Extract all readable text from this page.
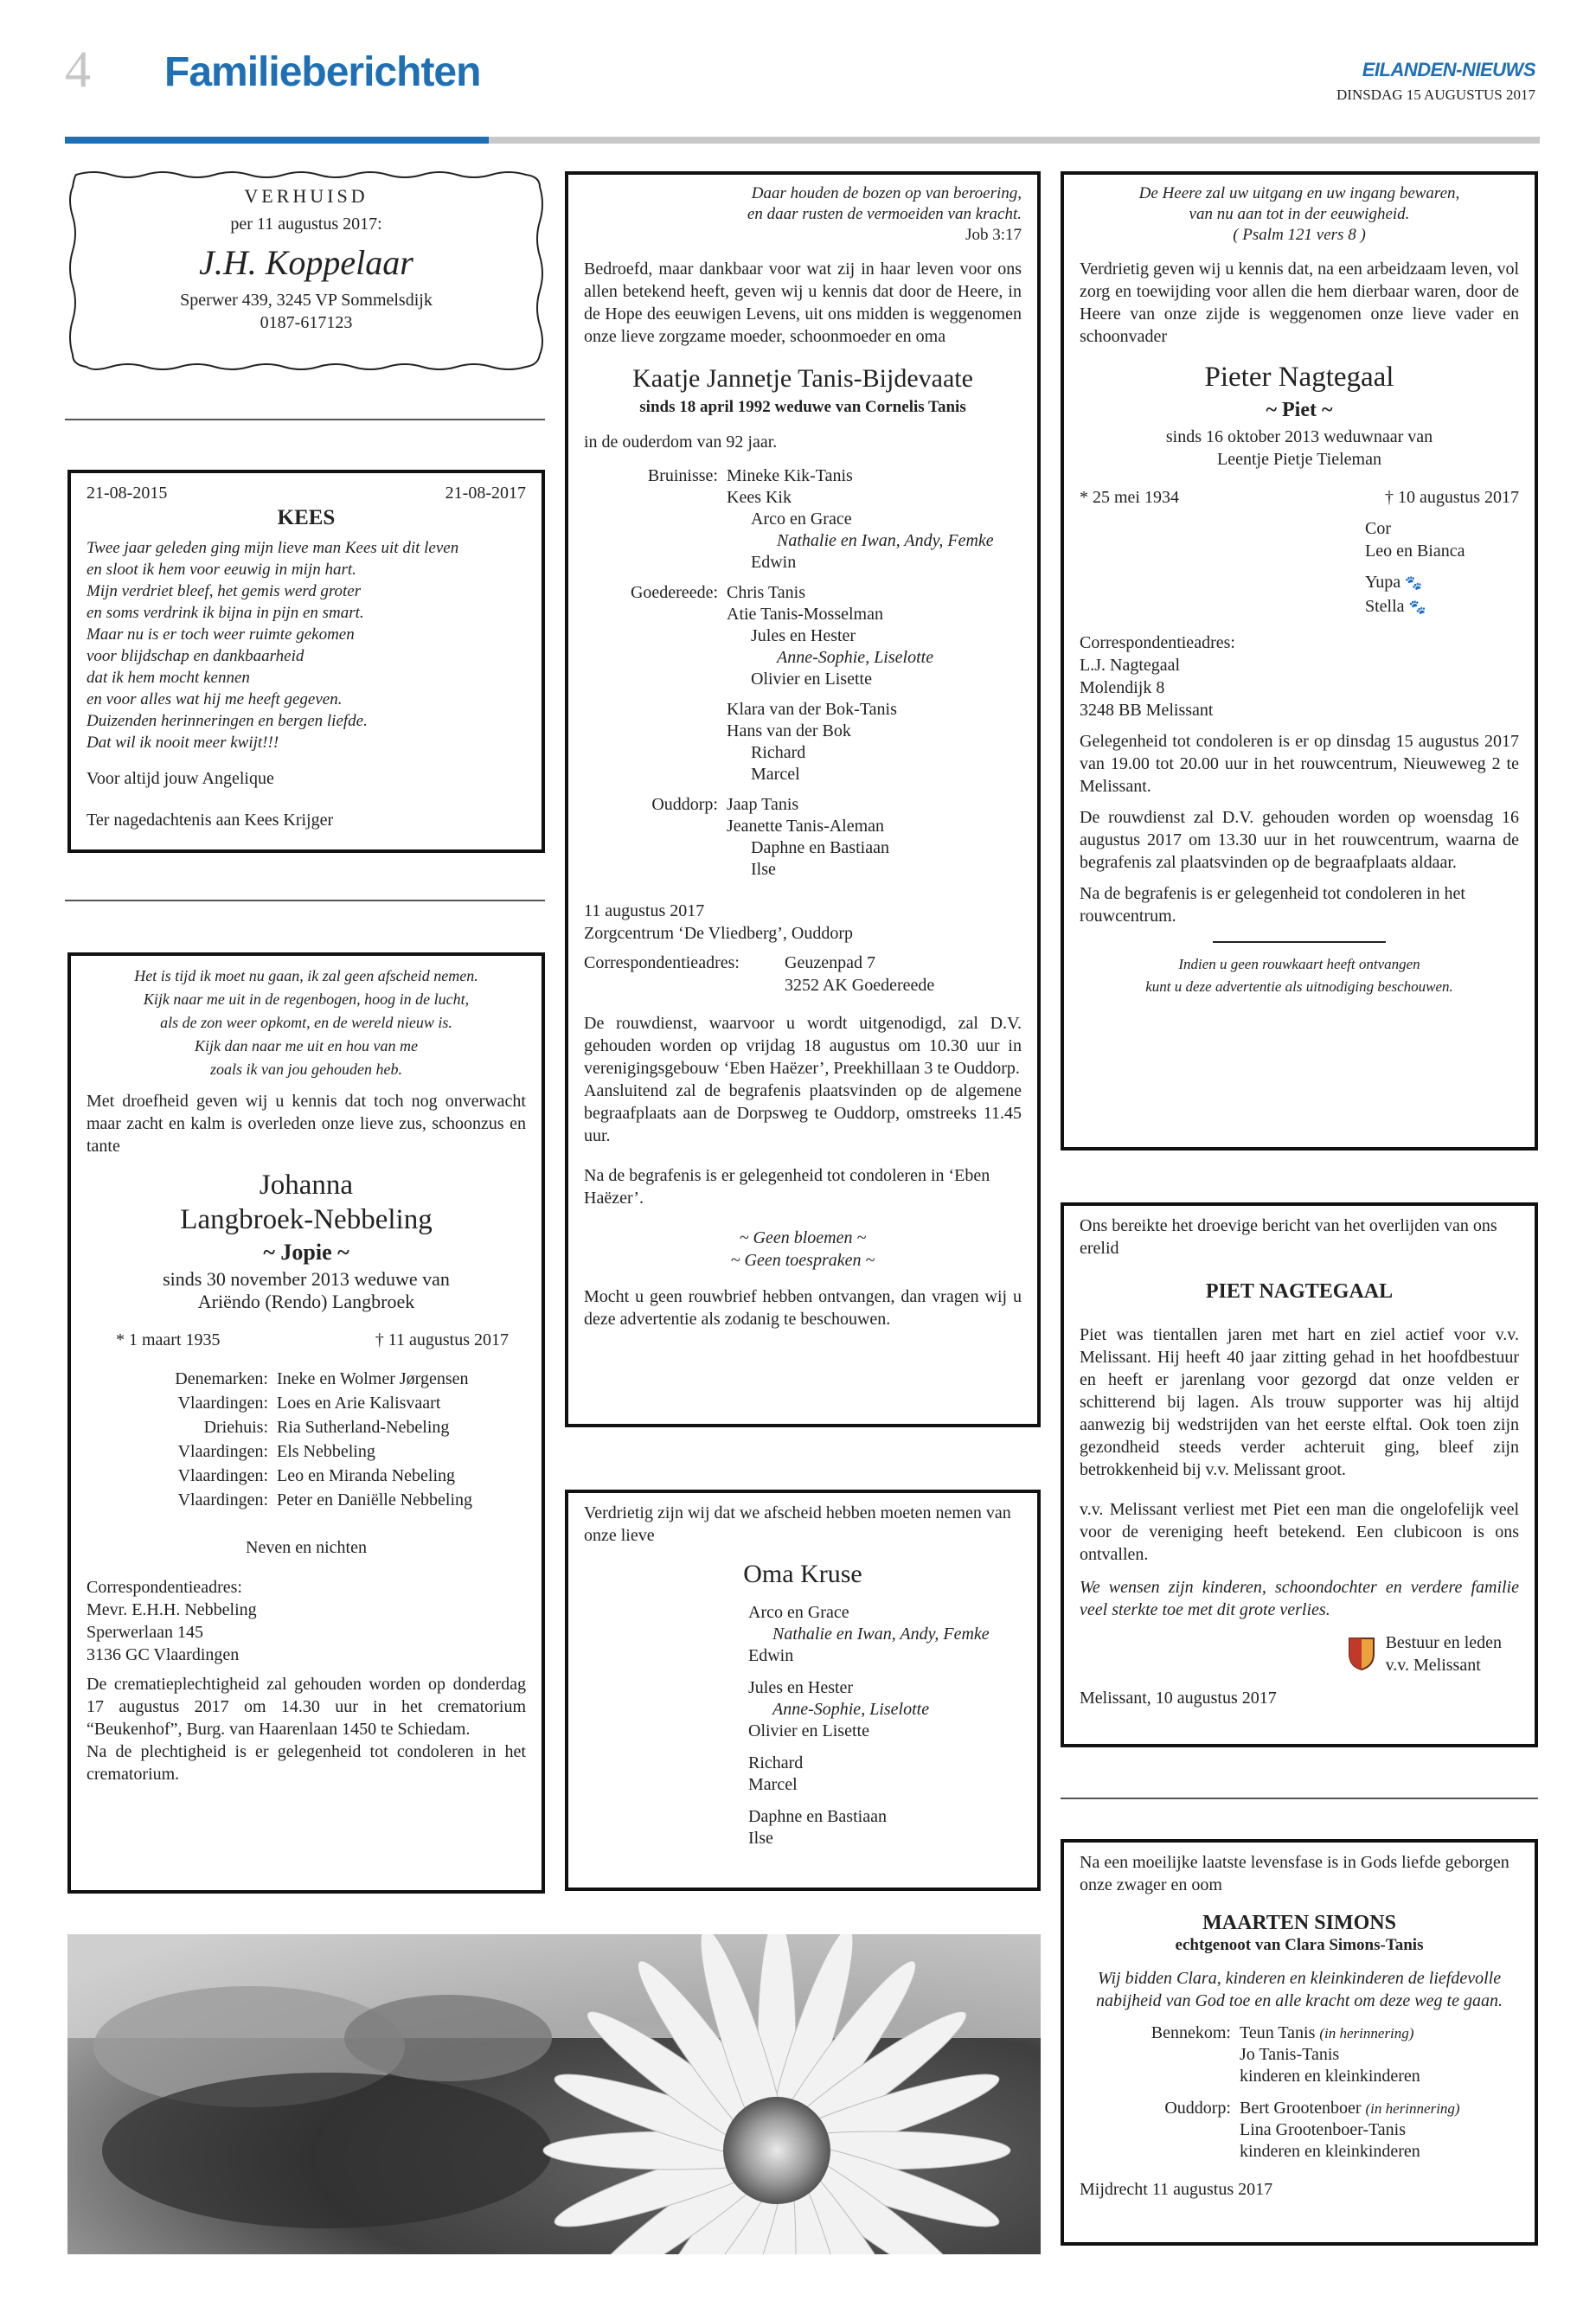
4 Familieberichten	EILANDEN-NIEUWS
DINSDAG 15 AUGUSTUS 2017
VERHUISD
per 11 augustus 2017:
J.H. Koppelaar
Sperwer 439, 3245 VP Sommelsdijk
0187-617123
21-08-2015	21-08-2017
KEES
Twee jaar geleden ging mijn lieve man Kees uit dit leven
en sloot ik hem voor eeuwig in mijn hart.
Mijn verdriet bleef, het gemis werd groter
en soms verdrink ik bijna in pijn en smart.
Maar nu is er toch weer ruimte gekomen
voor blijdschap en dankbaarheid
dat ik hem mocht kennen
en voor alles wat hij me heeft gegeven.
Duizenden herinneringen en bergen liefde.
Dat wil ik nooit meer kwijt!!!
Voor altijd jouw Angelique
Ter nagedachtenis aan Kees Krijger
Het is tijd ik moet nu gaan, ik zal geen afscheid nemen.
Kijk naar me uit in de regenbogen, hoog in de lucht,
als de zon weer opkomt, en de wereld nieuw is.
Kijk dan naar me uit en hou van me
zoals ik van jou gehouden heb.

Met droefheid geven wij u kennis dat toch nog onverwacht maar zacht en kalm is overleden onze lieve zus, schoonzus en tante

Johanna
Langbroek-Nebbeling
~ Jopie ~
sinds 30 november 2013 weduwe van
Ariëndo (Rendo) Langbroek
* 1 maart 1935	† 11 augustus 2017
Denemarken: Ineke en Wolmer Jørgensen
Vlaardingen: Loes en Arie Kalisvaart
Driehuis: Ria Sutherland-Nebeling
Vlaardingen: Els Nebbeling
Vlaardingen: Leo en Miranda Nebeling
Vlaardingen: Peter en Daniëlle Nebbeling
Neven en nichten
Correspondentieadres:
Mevr. E.H.H. Nebbeling
Sperwerlaan 145
3136 GC Vlaardingen

De crematieplechtigheid zal gehouden worden op donderdag 17 augustus 2017 om 14.30 uur in het crematorium “Beukenhof”, Burg. van Haarenlaan 1450 te Schiedam.

Na de plechtigheid is er gelegenheid tot condoleren in het crematorium.

Daar houden de bozen op van beroering,
en daar rusten de vermoeiden van kracht.
Job 3:17

Bedroefd, maar dankbaar voor wat zij in haar leven voor ons allen betekend heeft, geven wij u kennis dat door de Heere, in de Hope des eeuwigen Levens, uit ons midden is weggenomen onze lieve zorgzame moeder, schoonmoeder en oma

Kaatje Jannetje Tanis-Bijdevaate
sinds 18 april 1992 weduwe van Cornelis Tanis
in de ouderdom van 92 jaar.
Bruinisse: Mineke Kik-Tanis
Kees Kik
Arco en Grace
Nathalie en Iwan, Andy, Femke
Edwin
Goedereede: Chris Tanis
Atie Tanis-Mosselman
Jules en Hester
Anne-Sophie, Liselotte
Olivier en Lisette
Klara van der Bok-Tanis
Hans van der Bok
Richard
Marcel
Ouddorp: Jaap Tanis
Jeanette Tanis-Aleman
Daphne en Bastiaan
Ilse
11 augustus 2017
Zorgcentrum ‘De Vliedberg’, Ouddorp
Correspondentieadres:	Geuzenpad 7
3252 AK Goedereede

De rouwdienst, waarvoor u wordt uitgenodigd, zal D.V. gehouden worden op vrijdag 18 augustus om 10.30 uur in verenigingsgebouw ‘Eben Haëzer’, Preekhillaan 3 te Ouddorp.

Aansluitend zal de begrafenis plaatsvinden op de algemene begraafplaats aan de Dorpsweg te Ouddorp, omstreeks 11.45 uur.

Na de begrafenis is er gelegenheid tot condoleren in ‘Eben Haëzer’.

~ Geen bloemen ~
~ Geen toespraken ~

Mocht u geen rouwbrief hebben ontvangen, dan vragen wij u deze advertentie als zodanig te beschouwen.

Verdrietig zijn wij dat we afscheid hebben moeten nemen van onze lieve

Oma Kruse
Arco en Grace
Nathalie en Iwan, Andy, Femke
Edwin
Jules en Hester
Anne-Sophie, Liselotte
Olivier en Lisette
Richard
Marcel
Daphne en Bastiaan
Ilse
De Heere zal uw uitgang en uw ingang bewaren,
van nu aan tot in der eeuwigheid.
( Psalm 121 vers 8 )

Verdrietig geven wij u kennis dat, na een arbeidzaam leven, vol zorg en toewijding voor allen die hem dierbaar waren, door de Heere van onze zijde is weggenomen onze lieve vader en schoonvader

Pieter Nagtegaal
~ Piet ~
sinds 16 oktober 2013 weduwnaar van
Leentje Pietje Tieleman
* 25 mei 1934	† 10 augustus 2017
Cor
Leo en Bianca
Yupa 🐾
Stella 🐾
Correspondentieadres:
L.J. Nagtegaal
Molendijk 8
3248 BB Melissant

Gelegenheid tot condoleren is er op dinsdag 15 augustus 2017 van 19.00 tot 20.00 uur in het rouwcentrum, Nieuweweg 2 te Melissant.

De rouwdienst zal D.V. gehouden worden op woensdag 16 augustus 2017 om 13.30 uur in het rouwcentrum, waarna de begrafenis zal plaatsvinden op de begraafplaats aldaar.

Na de begrafenis is er gelegenheid tot condoleren in het rouwcentrum.

Indien u geen rouwkaart heeft ontvangen
kunt u deze advertentie als uitnodiging beschouwen.

Ons bereikte het droevige bericht van het overlijden van ons erelid

PIET NAGTEGAAL

Piet was tientallen jaren met hart en ziel actief voor v.v. Melissant. Hij heeft 40 jaar zitting gehad in het hoofdbestuur en heeft er jarenlang voor gezorgd dat onze velden er schitterend bij lagen. Als trouw supporter was hij altijd aanwezig bij wedstrijden van het eerste elftal. Ook toen zijn gezondheid steeds verder achteruit ging, bleef zijn betrokkenheid bij v.v. Melissant groot.

v.v. Melissant verliest met Piet een man die ongelofelijk veel voor de vereniging heeft betekend. Een clubicoon is ons ontvallen.

We wensen zijn kinderen, schoondochter en verdere familie veel sterkte toe met dit grote verlies.

Bestuur en leden
v.v. Melissant
Melissant, 10 augustus 2017

Na een moeilijke laatste levensfase is in Gods liefde geborgen onze zwager en oom

MAARTEN SIMONS
echtgenoot van Clara Simons-Tanis

Wij bidden Clara, kinderen en kleinkinderen de liefdevolle nabijheid van God toe en alle kracht om deze weg te gaan.

Bennekom: Teun Tanis (in herinnering)
Jo Tanis-Tanis
kinderen en kleinkinderen
Ouddorp: Bert Grootenboer (in herinnering)
Lina Grootenboer-Tanis
kinderen en kleinkinderen
Mijdrecht 11 augustus 2017
